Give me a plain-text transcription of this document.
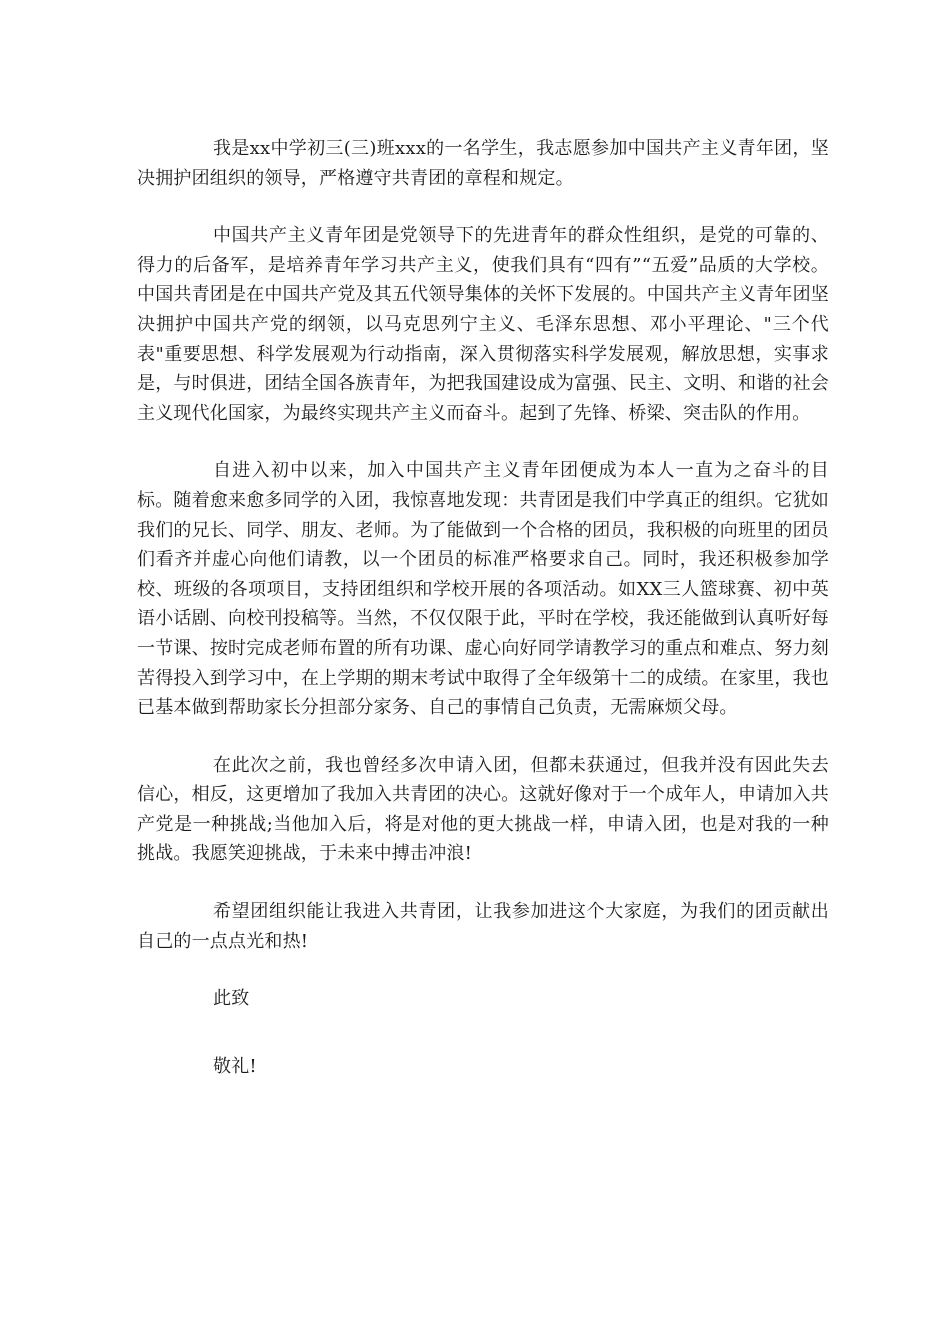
我是xx中学初三(三)班xxx的一名学生，我志愿参加中国共产主义青年团，坚决拥护团组织的领导，严格遵守共青团的章程和规定。

中国共产主义青年团是党领导下的先进青年的群众性组织，是党的可靠的、得力的后备军，是培养青年学习共产主义，使我们具有“四有”“五爱”品质的大学校。中国共青团是在中国共产党及其五代领导集体的关怀下发展的。中国共产主义青年团坚决拥护中国共产党的纲领，以马克思列宁主义、毛泽东思想、邓小平理论、"三个代表"重要思想、科学发展观为行动指南，深入贯彻落实科学发展观，解放思想，实事求是，与时俱进，团结全国各族青年，为把我国建设成为富强、民主、文明、和谐的社会主义现代化国家，为最终实现共产主义而奋斗。起到了先锋、桥梁、突击队的作用。

自进入初中以来，加入中国共产主义青年团便成为本人一直为之奋斗的目标。随着愈来愈多同学的入团，我惊喜地发现：共青团是我们中学真正的组织。它犹如我们的兄长、同学、朋友、老师。为了能做到一个合格的团员，我积极的向班里的团员们看齐并虚心向他们请教，以一个团员的标准严格要求自己。同时，我还积极参加学校、班级的各项项目，支持团组织和学校开展的各项活动。如XX三人篮球赛、初中英语小话剧、向校刊投稿等。当然，不仅仅限于此，平时在学校，我还能做到认真听好每一节课、按时完成老师布置的所有功课、虚心向好同学请教学习的重点和难点、努力刻苦得投入到学习中，在上学期的期末考试中取得了全年级第十二的成绩。在家里，我也已基本做到帮助家长分担部分家务、自己的事情自己负责，无需麻烦父母。

在此次之前，我也曾经多次申请入团，但都未获通过，但我并没有因此失去信心，相反，这更增加了我加入共青团的决心。这就好像对于一个成年人，申请加入共产党是一种挑战;当他加入后，将是对他的更大挑战一样，申请入团，也是对我的一种挑战。我愿笑迎挑战，于未来中搏击冲浪!

希望团组织能让我进入共青团，让我参加进这个大家庭，为我们的团贡献出自己的一点点光和热!

此致

敬礼!
